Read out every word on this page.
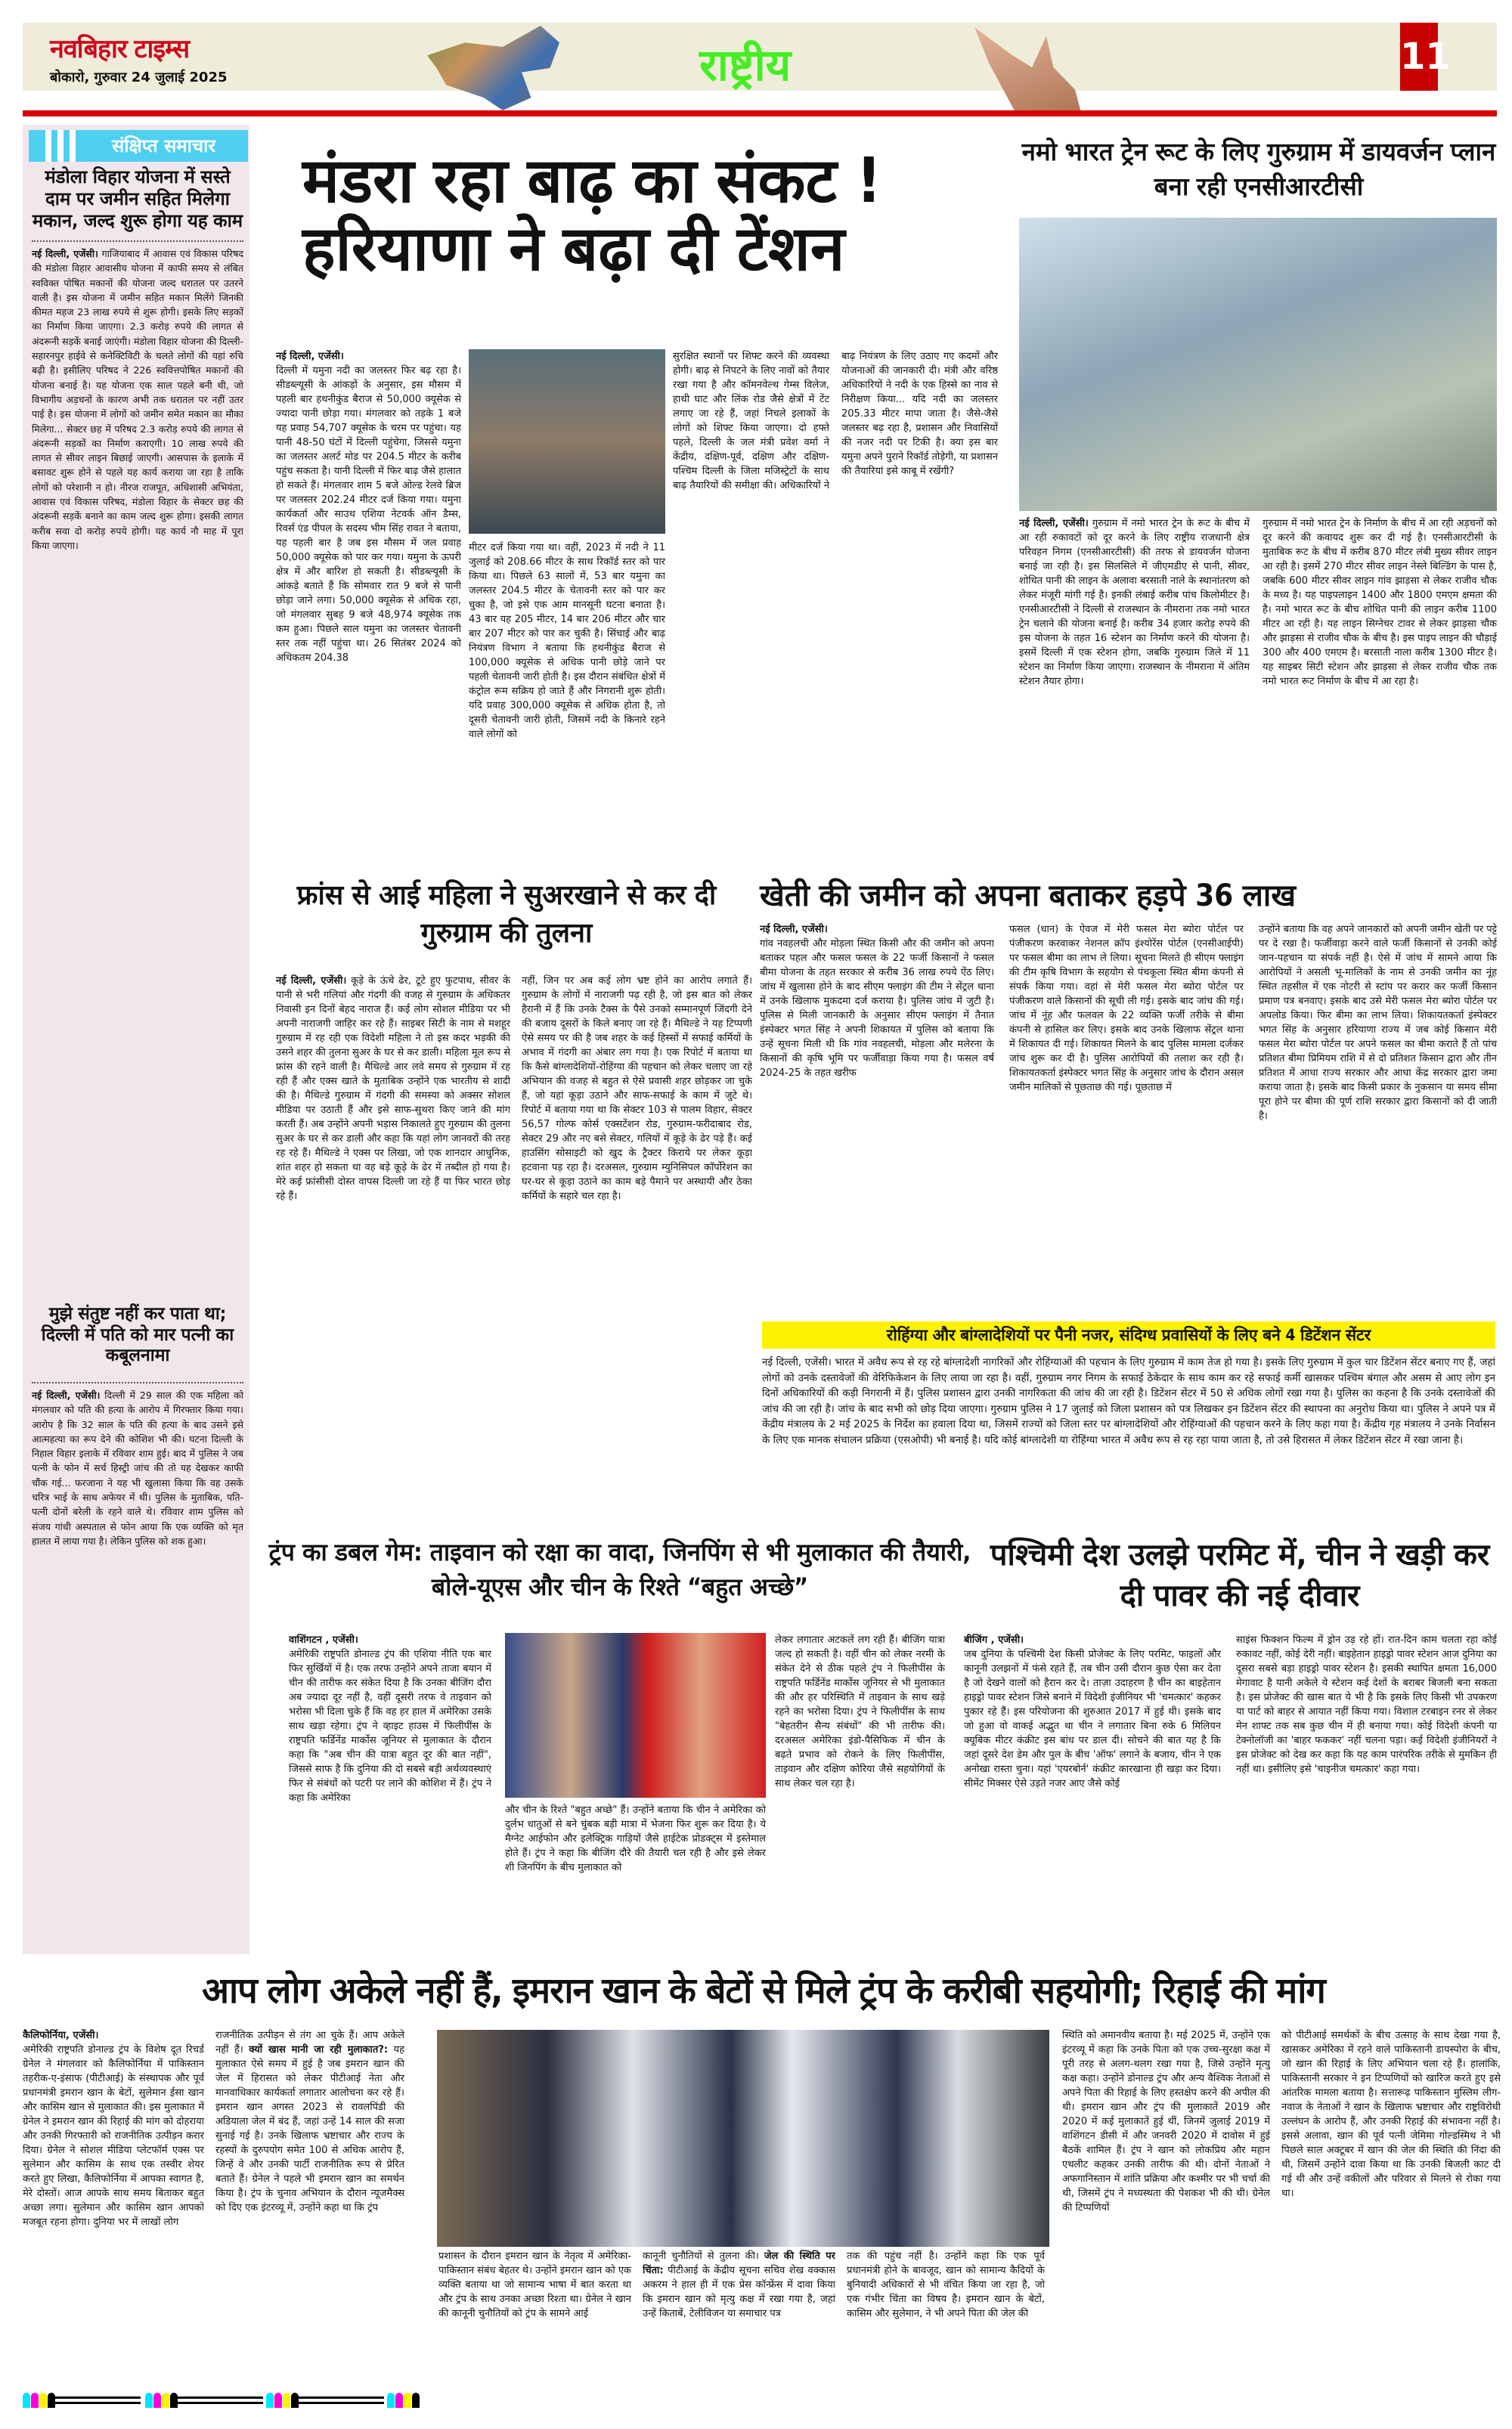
नवबिहार टाइम्स
बोकारो, गुरुवार 24 जुलाई 2025	राष्ट्रीय	11
संक्षिप्त समाचार
मंडोला विहार योजना में सस्ते दाम पर जमीन सहित मिलेगा मकान, जल्द शुरू होगा यह काम
नई दिल्ली, एजेंसी। गाजियाबाद में आवास एवं विकास परिषद की मंडोला विहार आवासीय योजना में काफी समय से लंबित स्वविक्त पोषित मकानों की योजना जल्द धरातल पर उतरने वाली है। इस योजना में जमीन सहित मकान मिलेंगे जिनकी कीमत महज 23 लाख रुपये से शुरू होगी। इसके लिए सड़कों का निर्माण किया जाएगा। 2.3 करोड़ रुपये की लागत से अंदरूनी सड़कें बनाई जाएंगी। मंडोला विहार योजना की दिल्ली-सहारनपुर हाईवे से कनेक्टिविटी के चलते लोगों की यहां रुचि बढ़ी है। इसीलिए परिषद ने 226 स्ववित्तपोषित मकानों की योजना बनाई है। यह योजना एक साल पहले बनी थी, जो विभागीय अड़चनों के कारण अभी तक धरातल पर नहीं उतर पाई है। इस योजना में लोगों को जमीन समेत मकान का मौका मिलेगा... सेक्टर छह में परिषद 2.3 करोड़ रुपये की लागत से अंदरूनी सड़कों का निर्माण कराएगी। 10 लाख रुपये की लागत से सीवर लाइन बिछाई जाएगी। आसपास के इलाके में बसावट शुरू होने से पहले यह कार्य कराया जा रहा है ताकि लोगों को परेशानी न हो। नीरज राजपूत, अधिशासी अभियंता, आवास एवं विकास परिषद, मंडोला विहार के सेक्टर छह की अंदरूनी सड़कें बनाने का काम जल्द शुरू होगा। इसकी लागत करीब सवा दो करोड़ रुपये होगी। यह कार्य नौ माह में पूरा किया जाएगा।
मुझे संतुष्ट नहीं कर पाता था; दिल्ली में पति को मार पत्नी का कबूलनामा
नई दिल्ली, एजेंसी। दिल्ली में 29 साल की एक महिला को मंगलवार को पति की हत्या के आरोप में गिरफ्तार किया गया। आरोप है कि 32 साल के पति की हत्या के बाद उसने इसे आत्महत्या का रूप देने की कोशिश भी की। घटना दिल्ली के निहाल विहार इलाके में रविवार शाम हुई। बाद में पुलिस ने जब पत्नी के फोन में सर्च हिस्ट्री जांच की तो यह देखकर काफी चौंक गई... फरजाना ने यह भी खुलासा किया कि वह उसके चरित्र भाई के साथ अफेयर में थी। पुलिस के मुताबिक, पति-पत्नी दोनों बरेली के रहने वाले थे। रविवार शाम पुलिस को संजय गांधी अस्पताल से फोन आया कि एक व्यक्ति को मृत हालत में लाया गया है। लेकिन पुलिस को शक हुआ।
मंडरा रहा बाढ़ का संकट !
हरियाणा ने बढ़ा दी टेंशन
नई दिल्ली, एजेंसी।
दिल्ली में यमुना नदी का जलस्तर फिर बढ़ रहा है। सीडब्ल्यूसी के आंकड़ों के अनुसार, इस मौसम में पहली बार हथनीकुंड बैराज से 50,000 क्यूसेक से ज्यादा पानी छोड़ा गया। मंगलवार को तड़के 1 बजे यह प्रवाह 54,707 क्यूसेक के चरम पर पहुंचा। यह पानी 48-50 घंटों में दिल्ली पहुंचेगा, जिससे यमुना का जलस्तर अलर्ट मोड पर 204.5 मीटर के करीब पहुंच सकता है। यानी दिल्ली में फिर बाढ़ जैसे हालात हो सकते हैं। मंगलवार शाम 5 बजे ओल्ड रेलवे ब्रिज पर जलस्तर 202.24 मीटर दर्ज किया गया। यमुना कार्यकर्ता और साउथ एशिया नेटवर्क ऑन डैम्स, रिवर्स एंड पीपल के सदस्य भीम सिंह रावत ने बताया, यह पहली बार है जब इस मौसम में जल प्रवाह 50,000 क्यूसेक को पार कर गया। यमुना के ऊपरी क्षेत्र में और बारिश हो सकती है। सीडब्ल्यूसी के आंकड़े बताते हैं कि सोमवार रात 9 बजे से पानी छोड़ा जाने लगा। 50,000 क्यूसेक से अधिक रहा, जो मंगलवार सुबह 9 बजे 48,974 क्यूसेक तक कम हुआ। पिछले साल यमुना का जलस्तर चेतावनी स्तर तक नहीं पहुंचा था। 26 सितंबर 2024 को अधिकतम 204.38
मीटर दर्ज किया गया था। वहीं, 2023 में नदी ने 11 जुलाई को 208.66 मीटर के साथ रिकॉर्ड स्तर को पार किया था। पिछले 63 सालों में, 53 बार यमुना का जलस्तर 204.5 मीटर के चेतावनी स्तर को पार कर चुका है, जो इसे एक आम मानसूनी घटना बनाता है। 43 बार यह 205 मीटर, 14 बार 206 मीटर और चार बार 207 मीटर को पार कर चुकी है। सिंचाई और बाढ़ नियंत्रण विभाग ने बताया कि हथनीकुंड बैराज से 100,000 क्यूसेक से अधिक पानी छोड़े जाने पर पहली चेतावनी जारी होती है। इस दौरान संबंधित क्षेत्रों में कंट्रोल रूम सक्रिय हो जाते हैं और निगरानी शुरू होती। यदि प्रवाह 300,000 क्यूसेक से अधिक होता है, तो दूसरी चेतावनी जारी होती, जिसमें नदी के किनारे रहने वाले लोगों को
सुरक्षित स्थानों पर शिफ्ट करने की व्यवस्था होगी। बाढ़ से निपटने के लिए नावों को तैयार रखा गया है और कॉमनवेल्थ गेम्स विलेज, हाथी घाट और लिंक रोड जैसे क्षेत्रों में टेंट लगाए जा रहे हैं, जहां निचले इलाकों के लोगों को शिफ्ट किया जाएगा। दो हफ्ते पहले, दिल्ली के जल मंत्री प्रवेश वर्मा ने केंद्रीय, दक्षिण-पूर्व, दक्षिण और दक्षिण-पश्चिम दिल्ली के जिला मजिस्ट्रेटों के साथ बाढ़ तैयारियों की समीक्षा की। अधिकारियों ने बाढ़ नियंत्रण के लिए उठाए गए कदमों और योजनाओं की जानकारी दी। मंत्री और वरिष्ठ अधिकारियों ने नदी के एक हिस्से का नाव से निरीक्षण किया... यदि नदी का जलस्तर 205.33 मीटर मापा जाता है। जैसे-जैसे जलस्तर बढ़ रहा है, प्रशासन और निवासियों की नजर नदी पर टिकी है। क्या इस बार यमुना अपने पुराने रिकॉर्ड तोड़ेगी, या प्रशासन की तैयारियां इसे काबू में रखेंगी?
नमो भारत ट्रेन रूट के लिए गुरुग्राम में डायवर्जन प्लान बना रही एनसीआरटीसी
नई दिल्ली, एजेंसी। गुरुग्राम में नमो भारत ट्रेन के रूट के बीच में आ रही रुकावटों को दूर करने के लिए राष्ट्रीय राजधानी क्षेत्र परिवहन निगम (एनसीआरटीसी) की तरफ से डायवर्जन योजना बनाई जा रही है। इस सिलसिले में जीएमडीए से पानी, सीवर, शोधित पानी की लाइन के अलावा बरसाती नाले के स्थानांतरण को लेकर मंजूरी मांगी गई है। इनकी लंबाई करीब पांच किलोमीटर है। एनसीआरटीसी ने दिल्ली से राजस्थान के नीमराना तक नमो भारत ट्रेन चलाने की योजना बनाई है। करीब 34 हजार करोड़ रुपये की इस योजना के तहत 16 स्टेशन का निर्माण करने की योजना है। इसमें दिल्ली में एक स्टेशन होगा, जबकि गुरुग्राम जिले में 11 स्टेशन का निर्माण किया जाएगा। राजस्थान के नीमराना में अंतिम स्टेशन तैयार होगा।
गुरुग्राम में नमो भारत ट्रेन के निर्माण के बीच में आ रही अड़चनों को दूर करने की कवायद शुरू कर दी गई है। एनसीआरटीसी के मुताबिक रूट के बीच में करीब 870 मीटर लंबी मुख्य सीवर लाइन आ रही है। इसमें 270 मीटर सीवर लाइन नेस्ले बिल्डिंग के पास है, जबकि 600 मीटर सीवर लाइन गांव झाड़सा से लेकर राजीव चौक के मध्य है। यह पाइपलाइन 1400 और 1800 एमएम क्षमता की है। नमो भारत रूट के बीच शोधित पानी की लाइन करीब 1100 मीटर आ रही है। यह लाइन सिग्नेचर टावर से लेकर झाड़सा चौक और झाड़सा से राजीव चौक के बीच है। इस पाइप लाइन की चौड़ाई 300 और 400 एमएम है। बरसाती नाला करीब 1300 मीटर है। यह साइबर सिटी स्टेशन और झाड़सा से लेकर राजीव चौक तक नमो भारत रूट निर्माण के बीच में आ रहा है।
फ्रांस से आई महिला ने सुअरखाने से कर दी गुरुग्राम की तुलना
नई दिल्ली, एजेंसी। कूड़े के ऊंचे ढेर, टूटे हुए फुटपाथ, सीवर के पानी से भरी गलियां और गंदगी की वजह से गुरुग्राम के अधिकतर निवासी इन दिनों बेहद नाराज हैं। कई लोग सोशल मीडिया पर भी अपनी नाराजगी जाहिर कर रहे हैं। साइबर सिटी के नाम से मशहूर गुरुग्राम में रह रही एक विदेशी महिला ने तो इस कदर भड़की की उसने शहर की तुलना सुअर के घर से कर डाली। महिला मूल रूप से फ्रांस की रहने वाली है। मैथिल्डे आर लवे समय से गुरुग्राम में रह रही हैं और एक्स खाते के मुताबिक उन्होंने एक भारतीय से शादी की है। मैथिल्डे गुरुग्राम में गंदगी की समस्या को अक्सर सोशल मीडिया पर उठाती हैं और इसे साफ-सुथरा किए जाने की मांग करती हैं। अब उन्होंने अपनी भड़ास निकालते हुए गुरुग्राम की तुलना सुअर के घर से कर डाली और कहा कि यहां लोग जानवरों की तरह रह रहे हैं। मैथिल्डे ने एक्स पर लिखा, जो एक शानदार आधुनिक, शांत शहर हो सकता था वह बड़े कूड़े के ढेर में तब्दील हो गया है। मेरे कई फ्रांसीसी दोस्त वापस दिल्ली जा रहे हैं या फिर भारत छोड़ रहे हैं।
नहीं, जिन पर अब कई लोग भ्रष्ट होने का आरोप लगाते हैं। गुरुग्राम के लोगों में नाराजगी पढ़ रही है, जो इस बात को लेकर हैरानी में हैं कि उनके टैक्स के पैसे उनको सम्मानपूर्ण जिंदगी देने की बजाय दूसरों के किले बनाए जा रहे हैं। मैथिल्डे ने यह टिप्पणी ऐसे समय पर की है जब शहर के कई हिस्सों में सफाई कर्मियों के अभाव में गंदगी का अंबार लग गया है। एक रिपोर्ट में बताया था कि कैसे बांग्लादेशियों-रोहिंग्या की पहचान को लेकर चलाए जा रहे अभियान की वजह से बहुत से ऐसे प्रवासी शहर छोड़कर जा चुके हैं, जो यहां कूड़ा उठाने और साफ-सफाई के काम में जुटे थे। रिपोर्ट में बताया गया था कि सेक्टर 103 से पालम विहार, सेक्टर 56,57 गोल्फ कोर्स एक्सटेंशन रोड, गुरुग्राम-फरीदाबाद रोड, सेक्टर 29 और नए बसे सेक्टर, गलियों में कूड़े के ढेर पड़े हैं। कई हाउसिंग सोसाइटी को खुद के ट्रैक्टर किराये पर लेकर कूड़ा हटवाना पड़ रहा है। दरअसल, गुरुग्राम म्युनिसिपल कॉर्पोरेशन का घर-घर से कूड़ा उठाने का काम बड़े पैमाने पर अस्थायी और ठेका कर्मियों के सहारे चल रहा है।
खेती की जमीन को अपना बताकर हड़पे 36 लाख
नई दिल्ली, एजेंसी।
गांव नवहलची और मोड़ला स्थित किसी और की जमीन को अपना बताकर पहल और फसल फसल के 22 फर्जी किसानों ने फसल बीमा योजना के तहत सरकार से करीब 36 लाख रुपये ऐंठ लिए। जांच में खुलासा होने के बाद सीएम फ्लाइंग की टीम ने सेंट्रल थाना में उनके खिलाफ मुकदमा दर्ज कराया है। पुलिस जांच में जुटी है। पुलिस से मिली जानकारी के अनुसार सीएम फ्लाइंग में तैनात इंस्पेक्टर भगत सिंह ने अपनी शिकायत में पुलिस को बताया कि उन्हें सूचना मिली थी कि गांव नवहलची, मोड़ला और मलेरना के किसानों की कृषि भूमि पर फर्जीवाड़ा किया गया है। फसल वर्ष 2024-25 के तहत खरीफ
फसल (धान) के ऐवज में मेरी फसल मेरा ब्योरा पोर्टल पर पंजीकरण करवाकर नेशनल क्रॉप इंश्योरेंस पोर्टल (एनसीआईपी) पर फसल बीमा का लाभ ले लिया। सूचना मिलते ही सीएम फ्लाइंग की टीम कृषि विभाग के सहयोग से पंचकूला स्थित बीमा कंपनी से संपर्क किया गया। वहां से मेरी फसल मेरा ब्योरा पोर्टल पर पंजीकरण वाले किसानों की सूची ली गई। इसके बाद जांच की गई। जांच में नूंह और फलवल के 22 व्यक्ति फर्जी तरीके से बीमा कंपनी से हासिल कर लिए। इसके बाद उनके खिलाफ सेंट्रल थाना में शिकायत दी गई। शिकायत मिलने के बाद पुलिस मामला दर्जकर जांच शुरू कर दी है। पुलिस आरोपियों की तलाश कर रही है। शिकायतकर्ता इंस्पेक्टर भगत सिंह के अनुसार जांच के दौरान असल जमीन मालिकों से पूछताछ की गई। पूछताछ में
उन्होंने बताया कि वह अपने जानकारों को अपनी जमीन खेती पर पट्टे पर दे रखा है। फर्जीवाड़ा करने वाले फर्जी किसानों से उनकी कोई जान-पहचान या संपर्क नहीं है। ऐसे में जांच में सामने आया कि आरोपियों ने असली भू-मालिकों के नाम से उनकी जमीन का नूंह स्थित तहसील में एक नोटरी से स्टांप पर करार कर फर्जी किसान प्रमाण पत्र बनवाए। इसके बाद उसे मेरी फसल मेरा ब्योरा पोर्टल पर अपलोड किया। फिर बीमा का लाभ लिया। शिकायतकर्ता इंस्पेक्टर भगत सिंह के अनुसार हरियाणा राज्य में जब कोई किसान मेरी फसल मेरा ब्योरा पोर्टल पर अपने फसल का बीमा कराते हैं तो पांच प्रतिशत बीमा प्रिमियम राशि में से दो प्रतिशत किसान द्वारा और तीन प्रतिशत में आधा राज्य सरकार और आधा केंद्र सरकार द्वारा जमा कराया जाता है। इसके बाद किसी प्रकार के नुकसान या समय सीमा पूरा होने पर बीमा की पूर्ण राशि सरकार द्वारा किसानों को दी जाती है।
रोहिंग्या और बांग्लादेशियों पर पैनी नजर, संदिग्ध प्रवासियों के लिए बने 4 डिटेंशन सेंटर
नई दिल्ली, एजेंसी। भारत में अवैध रूप से रह रहे बांग्लादेशी नागरिकों और रोहिंग्याओं की पहचान के लिए गुरुग्राम में काम तेज हो गया है। इसके लिए गुरुग्राम में कुल चार डिटेंशन सेंटर बनाए गए हैं, जहां लोगों को उनके दस्तावेजों की वेरिफिकेशन के लिए लाया जा रहा है। वहीं, गुरुग्राम नगर निगम के सफाई ठेकेदार के साथ काम कर रहे सफाई कर्मी खासकर पश्चिम बंगाल और असम से आए लोग इन दिनों अधिकारियों की कड़ी निगरानी में हैं। पुलिस प्रशासन द्वारा उनकी नागरिकता की जांच की जा रही है। डिटेंशन सेंटर में 50 से अधिक लोगों रखा गया है। पुलिस का कहना है कि उनके दस्तावेजों की जांच की जा रही है। जांच के बाद सभी को छोड़ दिया जाएगा। गुरुग्राम पुलिस ने 17 जुलाई को जिला प्रशासन को पत्र लिखकर इन डिटेंशन सेंटर की स्थापना का अनुरोध किया था। पुलिस ने अपने पत्र में केंद्रीय मंत्रालय के 2 मई 2025 के निर्देश का हवाला दिया था, जिसमें राज्यों को जिला स्तर पर बांग्लादेशियों और रोहिंग्याओं की पहचान करने के लिए कहा गया है। केंद्रीय गृह मंत्रालय ने उनके निर्वासन के लिए एक मानक संचालन प्रक्रिया (एसओपी) भी बनाई है। यदि कोई बांग्लादेशी या रोहिंग्या भारत में अवैध रूप से रह रहा पाया जाता है, तो उसे हिरासत में लेकर डिटेंशन सेंटर में रखा जाना है।
ट्रंप का डबल गेम: ताइवान को रक्षा का वादा, जिनपिंग से भी मुलाकात की तैयारी, बोले-यूएस और चीन के रिश्ते “बहुत अच्छे”
वाशिंगटन , एजेंसी।
अमेरिकी राष्ट्रपति डोनाल्ड ट्रंप की एशिया नीति एक बार फिर सुर्खियों में है। एक तरफ उन्होंने अपने ताजा बयान में चीन की तारीफ कर संकेत दिया है कि उनका बीजिंग दौरा अब ज्यादा दूर नहीं है, वहीं दूसरी तरफ वे ताइवान को भरोसा भी दिला चुके हैं कि वह हर हाल में अमेरिका उसके साथ खड़ा रहेगा। ट्रंप ने व्हाइट हाउस में फिलीपींस के राष्ट्रपति फर्डिनेंड मार्कोस जूनियर से मुलाकात के दौरान कहा कि "अब चीन की यात्रा बहुत दूर की बात नहीं", जिससे साफ है कि दुनिया की दो सबसे बड़ी अर्थव्यवस्थाएं फिर से संबंधों को पटरी पर लाने की कोशिश में हैं। ट्रंप ने कहा कि अमेरिका
और चीन के रिश्ते "बहुत अच्छे" हैं। उन्होंने बताया कि चीन ने अमेरिका को दुर्लभ धातुओं से बने चुंबक बड़ी मात्रा में भेजना फिर शुरू कर दिया है। ये मैग्नेट आईफोन और इलेक्ट्रिक गाड़ियों जैसे हाईटेक प्रोडक्ट्स में इस्तेमाल होते हैं। ट्रंप ने कहा कि बीजिंग दौरे की तैयारी चल रही है और इसे लेकर शी जिनपिंग के बीच मुलाकात को
लेकर लगातार अटकलें लग रही हैं। बीजिंग यात्रा जल्द हो सकती है। वहीं चीन को लेकर नरमी के संकेत देने से ठीक पहले ट्रंप ने फिलीपींस के राष्ट्रपति फर्डिनेंड मार्कोस जूनियर से भी मुलाकात की और हर परिस्थिति में ताइवान के साथ खड़े रहने का भरोसा दिया। ट्रंप ने फिलीपींस के साथ "बेहतरीन सैन्य संबंधों" की भी तारीफ की। दरअसल अमेरिका इंडो-पैसिफिक में चीन के बढ़ते प्रभाव को रोकने के लिए फिलीपींस, ताइवान और दक्षिण कोरिया जैसे सहयोगियों के साथ लेकर चल रहा है।
पश्चिमी देश उलझे परमिट में, चीन ने खड़ी कर दी पावर की नई दीवार
बीजिंग , एजेंसी।
जब दुनिया के पश्चिमी देश किसी प्रोजेक्ट के लिए परमिट, फाइलों और कानूनी उलझनों में फंसे रहते हैं, तब चीन उसी दौरान कुछ ऐसा कर देता है जो देखने वालों को हैरान कर दे। ताज़ा उदाहरण है चीन का बाइहेतान हाइड्रो पावर स्टेशन जिसे बनाने में विदेशी इंजीनियर भी 'चमत्कार' कहकर पुकार रहे हैं। इस परियोजना की शुरुआत 2017 में हुई थी। इसके बाद जो हुआ वो वाकई अद्भुत था चीन ने लगातार बिना रुके 6 मिलियन क्यूबिक मीटर कंक्रीट इस बांध पर डाल दी। सोचने की बात यह है कि जहां दूसरे देश डेम और पुल के बीच 'ऑफ' लगाने के बजाय, चीन ने एक अनोखा रास्ता चुना। यहां 'एयरबोर्न' कंक्रीट कारखाना ही खड़ा कर दिया। सीमेंट मिक्सर ऐसे उड़ते नजर आए जैसे कोई
साइंस फिक्शन फिल्म में ड्रोन उड़ रहे हों। रात-दिन काम चलता रहा कोई रुकावट नहीं, कोई देरी नहीं। बाइहेतान हाइड्रो पावर स्टेशन आज दुनिया का दूसरा सबसे बड़ा हाइड्रो पावर स्टेशन है। इसकी स्थापित क्षमता 16,000 मेगावाट है यानी अकेले ये स्टेशन कई देशों के बराबर बिजली बना सकता है। इस प्रोजेक्ट की खास बात ये भी है कि इसके लिए किसी भी उपकरण या पार्ट को बाहर से आयात नहीं किया गया। विशाल टरबाइन रनर से लेकर मेन शाफ्ट तक सब कुछ चीन में ही बनाया गया। कोई विदेशी कंपनी या टेक्नोलॉजी का 'बाहर फककर' नहीं चलना पड़ा। कई विदेशी इंजीनियरों ने इस प्रोजेक्ट को देख कर कहा कि यह काम पारंपरिक तरीके से मुमकिन ही नहीं था। इसीलिए इसे 'चाइनीज चमत्कार' कहा गया।
आप लोग अकेले नहीं हैं, इमरान खान के बेटों से मिले ट्रंप के करीबी सहयोगी; रिहाई की मांग
कैलिफोर्निया, एजेंसी।
अमेरिकी राष्ट्रपति डोनाल्ड ट्रंप के विशेष दूत रिचर्ड ग्रेनेल ने मंगलवार को कैलिफोर्निया में पाकिस्तान तहरीक-ए-इंसाफ (पीटीआई) के संस्थापक और पूर्व प्रधानमंत्री इमरान खान के बेटों, सुलेमान ईसा खान और कासिम खान से मुलाकात की। इस मुलाकात में ग्रेनेल ने इमरान खान की रिहाई की मांग को दोहराया और उनकी गिरफ्तारी को राजनीतिक उत्पीड़न करार दिया। ग्रेनेल ने सोशल मीडिया प्लेटफॉर्म एक्स पर सुलेमान और कासिम के साथ एक तस्वीर शेयर करते हुए लिखा, कैलिफोर्निया में आपका स्वागत है, मेरे दोस्तों। आज आपके साथ समय बिताकर बहुत अच्छा लगा। सुलेमान और कासिम खान आपको मजबूत रहना होगा। दुनिया भर में लाखों लोग
राजनीतिक उत्पीड़न से तंग आ चुके हैं। आप अकेले नहीं हैं। क्यों खास मानी जा रही मुलाकात?: यह मुलाकात ऐसे समय में हुई है जब इमरान खान की जेल में हिरासत को लेकर पीटीआई नेता और मानवाधिकार कार्यकर्ता लगातार आलोचना कर रहे हैं। इमरान खान अगस्त 2023 से रावलपिंडी की अडियाला जेल में बंद हैं, जहां उन्हें 14 साल की सजा सुनाई गई है। उनके खिलाफ भ्रष्टाचार और राज्य के रहस्यों के दुरुपयोग समेत 100 से अधिक आरोप हैं, जिन्हें वे और उनकी पार्टी राजनीतिक रूप से प्रेरित बताते हैं। ग्रेनेल ने पहले भी इमरान खान का समर्थन किया है। ट्रंप के चुनाव अभियान के दौरान न्यूजमैक्स को दिए एक इंटरव्यू में, उन्होंने कहा था कि ट्रंप
प्रशासन के दौरान इमरान खान के नेतृत्व में अमेरिका-पाकिस्तान संबंध बेहतर थे। उन्होंने इमरान खान को एक व्यक्ति बताया था जो सामान्य भाषा में बात करता था और ट्रंप के साथ उनका अच्छा रिश्ता था। ग्रेनेल ने खान की कानूनी चुनौतियों को ट्रंप के सामने आई
कानूनी चुनौतियों से तुलना की। जेल की स्थिति पर चिंता: पीटीआई के केंद्रीय सूचना सचिव शेख वक्कास अकरम ने हाल ही में एक प्रेस कॉन्फ्रेंस में दावा किया कि इमरान खान को मृत्यु कक्ष में रखा गया है, जहां उन्हें किताबें, टेलीविजन या समाचार पत्र
तक की पहुंच नहीं है। उन्होंने कहा कि एक पूर्व प्रधानमंत्री होने के बावजूद, खान को सामान्य कैदियों के बुनियादी अधिकारों से भी वंचित किया जा रहा है, जो एक गंभीर चिंता का विषय है। इमरान खान के बेटों, कासिम और सुलेमान, ने भी अपने पिता की जेल की
स्थिति को अमानवीय बताया है। मई 2025 में, उन्होंने एक इंटरव्यू में कहा कि उनके पिता को एक उच्च-सुरक्षा कक्ष में पूरी तरह से अलग-थलग रखा गया है, जिसे उन्होंने मृत्यु कक्ष कहा। उन्होंने डोनाल्ड ट्रंप और अन्य वैश्विक नेताओं से अपने पिता की रिहाई के लिए हस्तक्षेप करने की अपील की थी। इमरान खान और ट्रंप की मुलाकातें 2019 और 2020 में कई मुलाकातें हुई थीं, जिनमें जुलाई 2019 में वाशिंगटन डीसी में और जनवरी 2020 में दावोस में हुई बैठकें शामिल हैं। ट्रंप ने खान को लोकप्रिय और महान एथलीट कहकर उनकी तारीफ की थी। दोनों नेताओं ने अफगानिस्तान में शांति प्रक्रिया और कश्मीर पर भी चर्चा की थी, जिसमें ट्रंप ने मध्यस्थता की पेशकश भी की थी। ग्रेनेल की टिप्पणियों
को पीटीआई समर्थकों के बीच उत्साह के साथ देखा गया है, खासकर अमेरिका में रहने वाले पाकिस्तानी डायस्पोरा के बीच, जो खान की रिहाई के लिए अभियान चला रहे हैं। हालांकि, पाकिस्तानी सरकार ने इन टिप्पणियों को खारिज करते हुए इसे आंतरिक मामला बताया है। सत्तारूढ़ पाकिस्तान मुस्लिम लीग-नवाज के नेताओं ने खान के खिलाफ भ्रष्टाचार और राष्ट्रविरोधी उल्लंघन के आरोप हैं, और उनकी रिहाई की संभावना नहीं है। इससे अलावा, खान की पूर्व पत्नी जेमिमा गोल्डस्मिथ ने भी पिछले साल अक्टूबर में खान की जेल की स्थिति की निंदा की थी, जिसमें उन्होंने दावा किया था कि उनकी बिजली काट दी गई थी और उन्हें वकीलों और परिवार से मिलने से रोका गया था।
